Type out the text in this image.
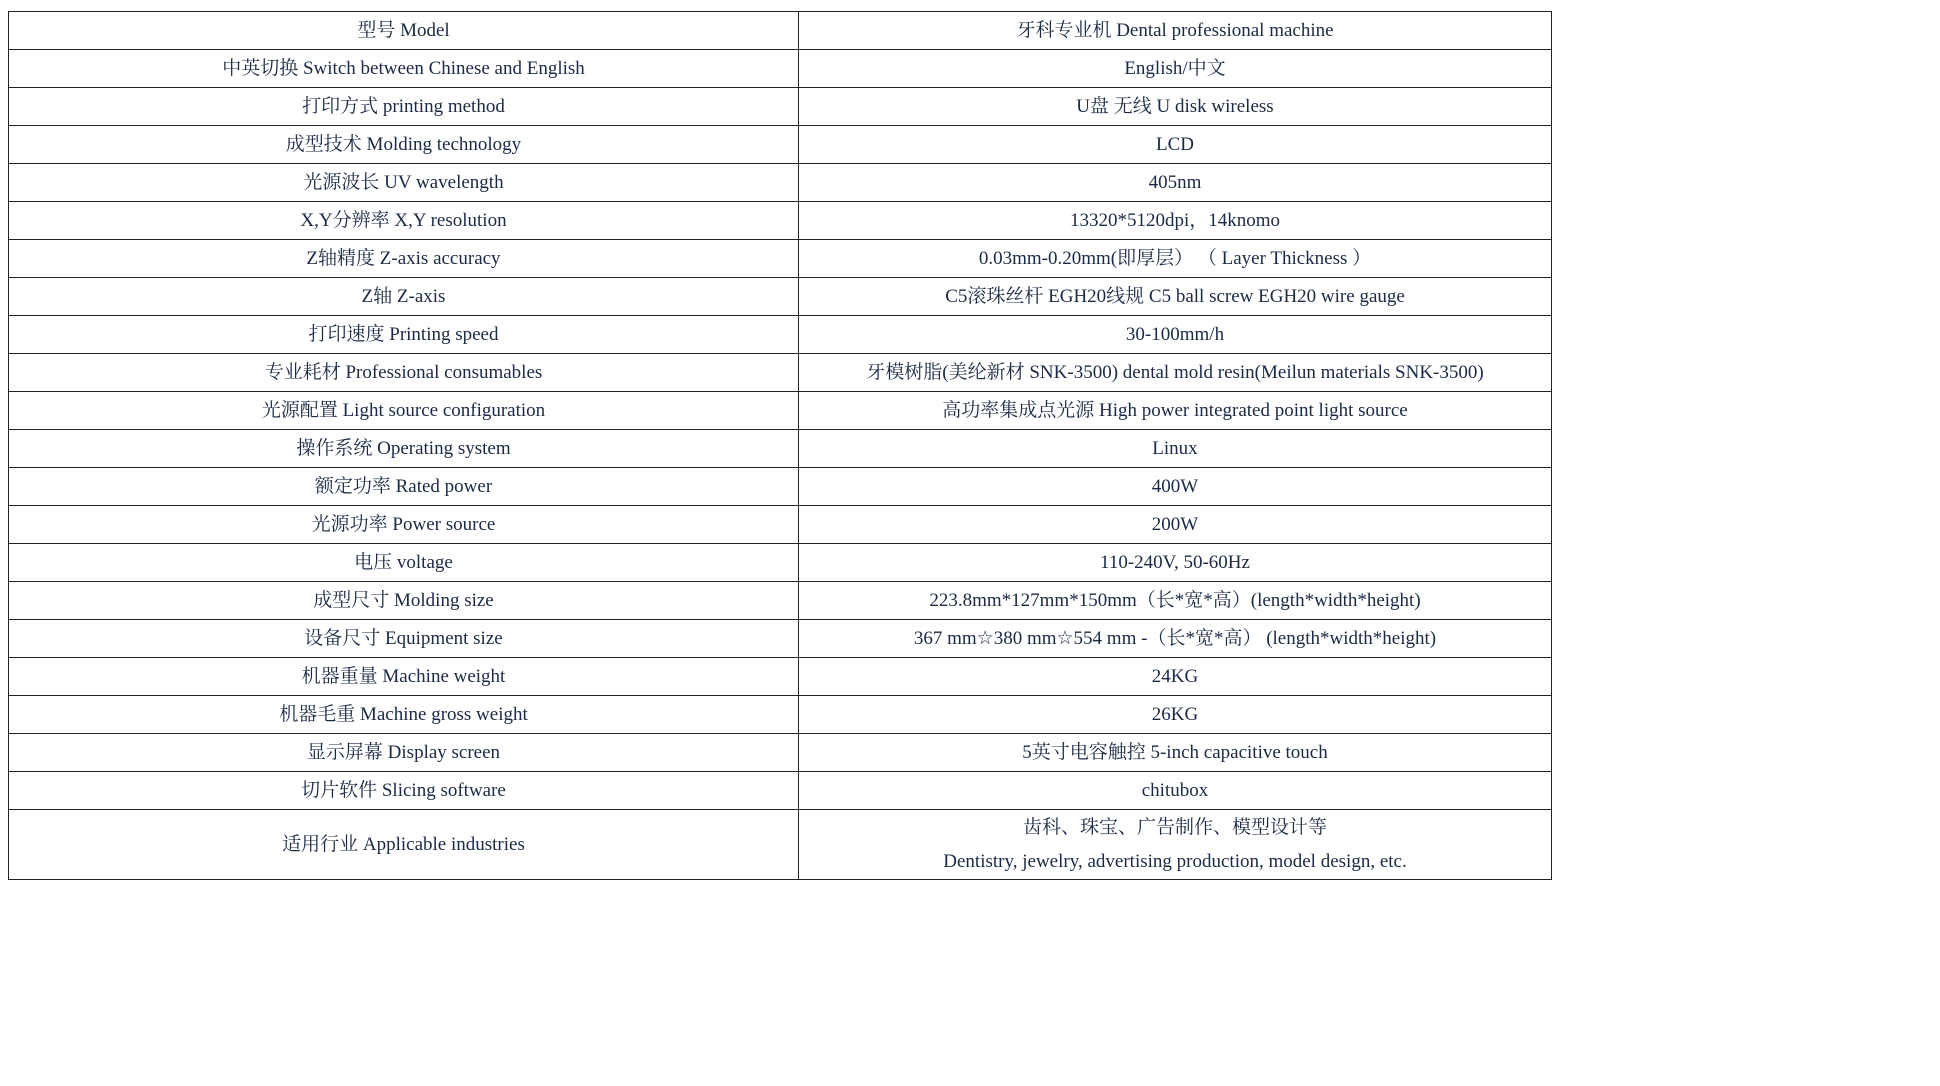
型号 Model	牙科专业机 Dental professional machine
中英切换 Switch between Chinese and English	English/中文
打印方式 printing method	U盘 无线 U disk wireless
成型技术 Molding technology	LCD
光源波长 UV wavelength	405nm
X,Y分辨率 X,Y resolution	13320*5120dpi，14knomo
Z轴精度 Z-axis accuracy	0.03mm-0.20mm(即厚层） （ Layer Thickness ）
Z轴 Z-axis	C5滚珠丝杆 EGH20线规 C5 ball screw EGH20 wire gauge
打印速度 Printing speed	30-100mm/h
专业耗材 Professional consumables	牙模树脂(美纶新材 SNK-3500) dental mold resin(Meilun materials SNK-3500)
光源配置 Light source configuration	高功率集成点光源 High power integrated point light source
操作系统 Operating system	Linux
额定功率 Rated power	400W
光源功率 Power source	200W
电压 voltage	110-240V, 50-60Hz
成型尺寸 Molding size	223.8mm*127mm*150mm（长*宽*高）(length*width*height)
设备尺寸 Equipment size	367 mm☆380 mm☆554 mm -（长*宽*高） (length*width*height)
机器重量 Machine weight	24KG
机器毛重 Machine gross weight	26KG
显示屏幕 Display screen	5英寸电容触控 5-inch capacitive touch
切片软件 Slicing software	chitubox
适用行业 Applicable industries	齿科、珠宝、广告制作、模型设计等
Dentistry, jewelry, advertising production, model design, etc.
